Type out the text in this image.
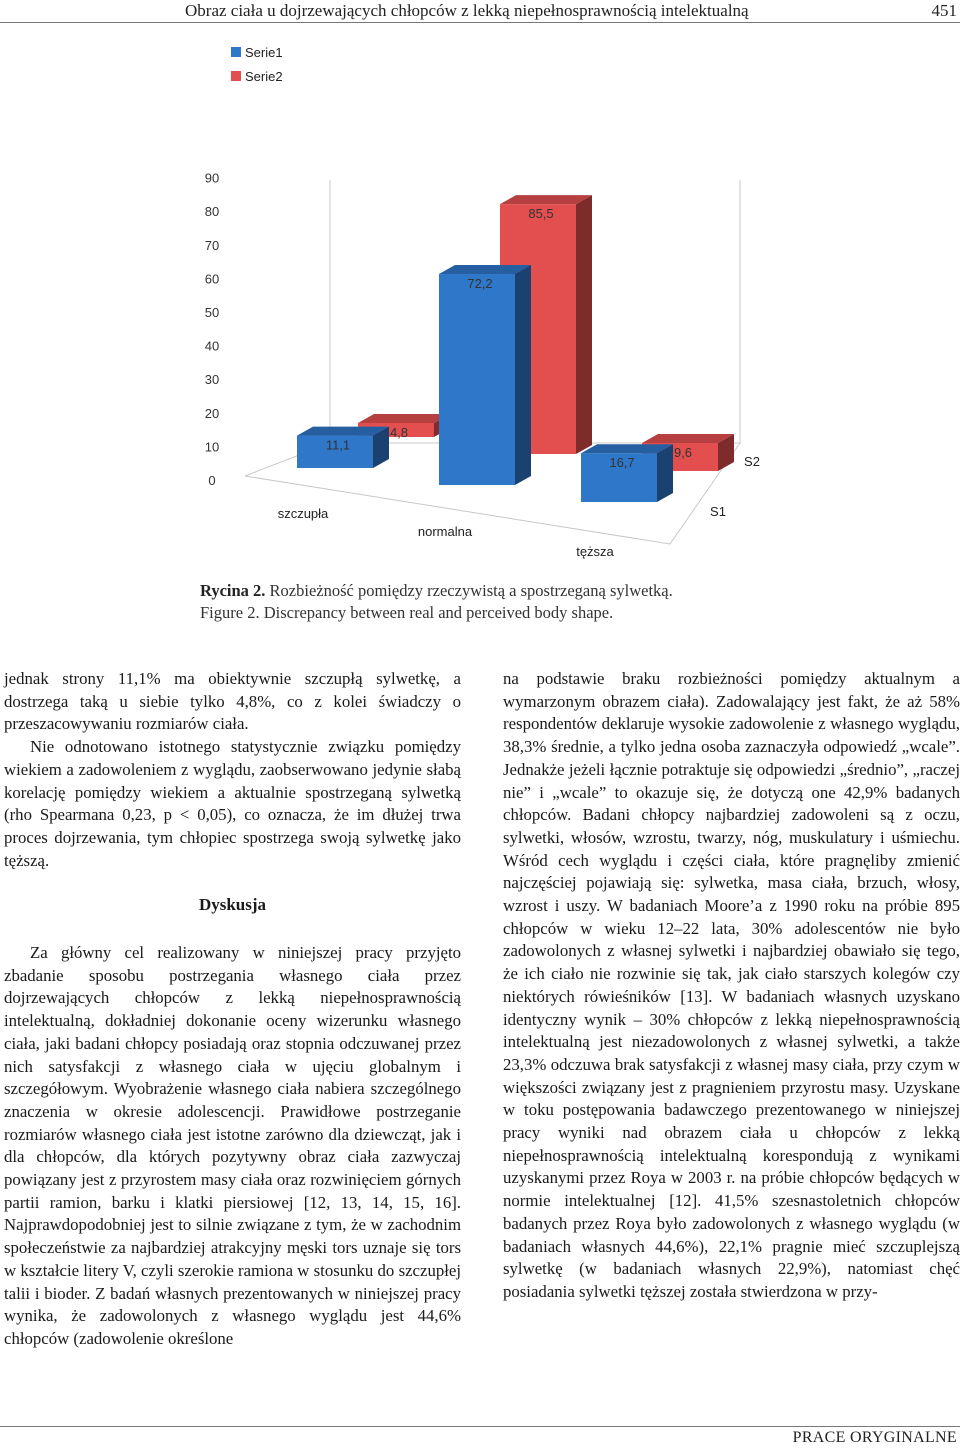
Obraz ciała u dojrzewających chłopców z lekką niepełnosprawnością intelektualną	451
Serie1
Serie2
0
10
20
30
40
50
60
70
80
90
4,8
85,5
9,6
11,1
72,2
16,7
szczupła
normalna
tęższa
S1
S2
Rycina 2. Rozbieżność pomiędzy rzeczywistą a spostrzeganą sylwetką.
Figure 2. Discrepancy between real and perceived body shape.

jednak strony 11,1% ma obiektywnie szczupłą sylwetkę, a dostrzega taką u siebie tylko 4,8%, co z kolei świadczy o przeszacowywaniu rozmiarów ciała.

Nie odnotowano istotnego statystycznie związku pomiędzy wiekiem a zadowoleniem z wyglądu, zaobserwowano jedynie słabą korelację pomiędzy wiekiem a aktualnie spostrzeganą sylwetką (rho Spearmana 0,23, p < 0,05), co oznacza, że im dłużej trwa proces dojrzewania, tym chłopiec spostrzega swoją sylwetkę jako tęższą.

Dyskusja

Za główny cel realizowany w niniejszej pracy przyjęto zbadanie sposobu postrzegania własnego ciała przez dojrzewających chłopców z lekką niepełnosprawnością intelektualną, dokładniej dokonanie oceny wizerunku własnego ciała, jaki badani chłopcy posiadają oraz stopnia odczuwanej przez nich satysfakcji z własnego ciała w ujęciu globalnym i szczegółowym. Wyobrażenie własnego ciała nabiera szczególnego znaczenia w okresie adolescencji. Prawidłowe postrzeganie rozmiarów własnego ciała jest istotne zarówno dla dziewcząt, jak i dla chłopców, dla których pozytywny obraz ciała zazwyczaj powiązany jest z przyrostem masy ciała oraz rozwinięciem górnych partii ramion, barku i klatki piersiowej [12, 13, 14, 15, 16]. Najprawdopodobniej jest to silnie związane z tym, że w zachodnim społeczeństwie za najbardziej atrakcyjny męski tors uznaje się tors w kształcie litery V, czyli szerokie ramiona w stosunku do szczupłej talii i bioder. Z badań własnych prezentowanych w niniejszej pracy wynika, że zadowolonych z własnego wyglądu jest 44,6% chłopców (zadowolenie określone

na podstawie braku rozbieżności pomiędzy aktualnym a wymarzonym obrazem ciała). Zadowalający jest fakt, że aż 58% respondentów deklaruje wysokie zadowolenie z własnego wyglądu, 38,3% średnie, a tylko jedna osoba zaznaczyła odpowiedź „wcale”. Jednakże jeżeli łącznie potraktuje się odpowiedzi „średnio”, „raczej nie” i „wcale” to okazuje się, że dotyczą one 42,9% badanych chłopców. Badani chłopcy najbardziej zadowoleni są z oczu, sylwetki, włosów, wzrostu, twarzy, nóg, muskulatury i uśmiechu. Wśród cech wyglądu i części ciała, które pragnęliby zmienić najczęściej pojawiają się: sylwetka, masa ciała, brzuch, włosy, wzrost i uszy. W badaniach Moore’a z 1990 roku na próbie 895 chłopców w wieku 12–22 lata, 30% adolescentów nie było zadowolonych z własnej sylwetki i najbardziej obawiało się tego, że ich ciało nie rozwinie się tak, jak ciało starszych kolegów czy niektórych rówieśników [13]. W badaniach własnych uzyskano identyczny wynik – 30% chłopców z lekką niepełnosprawnością intelektualną jest niezadowolonych z własnej sylwetki, a także 23,3% odczuwa brak satysfakcji z własnej masy ciała, przy czym w większości związany jest z pragnieniem przyrostu masy. Uzyskane w toku postępowania badawczego prezentowanego w niniejszej pracy wyniki nad obrazem ciała u chłopców z lekką niepełnosprawnością intelektualną korespondują z wynikami uzyskanymi przez Roya w 2003 r. na próbie chłopców będących w normie intelektualnej [12]. 41,5% szesnastoletnich chłopców badanych przez Roya było zadowolonych z własnego wyglądu (w badaniach własnych 44,6%), 22,1% pragnie mieć szczuplejszą sylwetkę (w badaniach własnych 22,9%), natomiast chęć posiadania sylwetki tęższej została stwierdzona w przy-

PRACE ORYGINALNE
